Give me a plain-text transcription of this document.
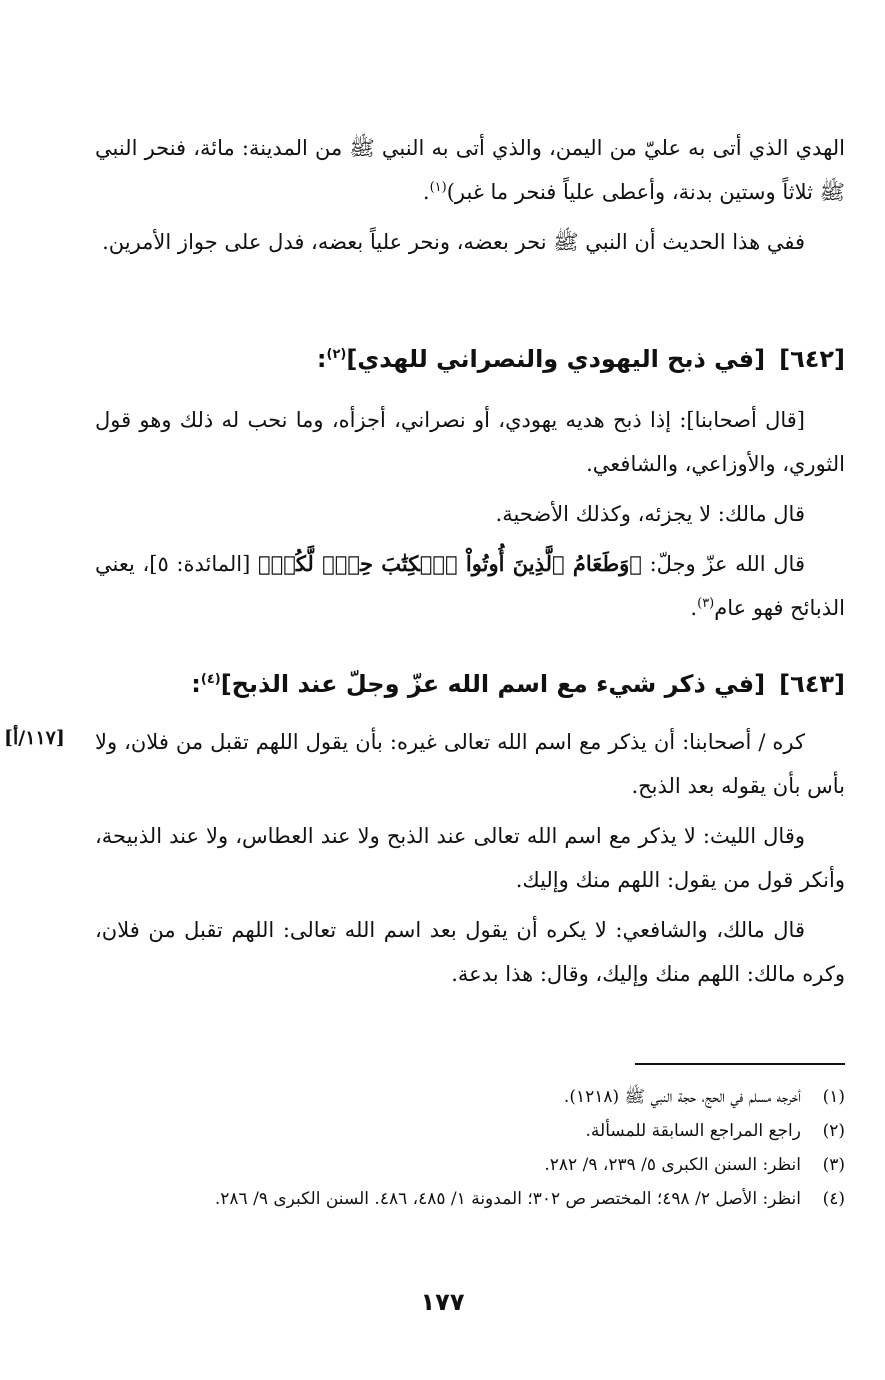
الهدي الذي أتى به عليّ من اليمن، والذي أتى به النبي ﷺ من المدينة: مائة، فنحر النبي ﷺ ثلاثاً وستين بدنة، وأعطى علياً فنحر ما غبر)$^{(١)}$.

ففي هذا الحديث أن النبي ﷺ نحر بعضه، ونحر علياً بعضه، فدل على جواز الأمرين.

[٦٤٢][في ذبح اليهودي والنصراني للهدي]$^{(٢)}$:

[قال أصحابنا]: إذا ذبح هديه يهودي، أو نصراني، أجزأه، وما نحب له ذلك وهو قول الثوري، والأوزاعي، والشافعي.

قال مالك: لا يجزئه، وكذلك الأضحية.

قال الله عزّ وجلّ: ﴿وَطَعَامُ ٱلَّذِينَ أُوتُواْ ٱلۡكِتَٰبَ حِلّٞ لَّكُمۡ﴾ [المائدة: ٥]، يعني الذبائح فهو عام$^{(٣)}$.

[٦٤٣][في ذكر شيء مع اسم الله عزّ وجلّ عند الذبح]$^{(٤)}$:
[١١٧/أ] كره / أصحابنا: أن يذكر مع اسم الله تعالى غيره: بأن يقول اللهم تقبل من فلان، ولا بأس بأن يقوله بعد الذبح.

وقال الليث: لا يذكر مع اسم الله تعالى عند الذبح ولا عند العطاس، ولا عند الذبيحة، وأنكر قول من يقول: اللهم منك وإليك.

قال مالك، والشافعي: لا يكره أن يقول بعد اسم الله تعالى: اللهم تقبل من فلان، وكره مالك: اللهم منك وإليك، وقال: هذا بدعة.

(١)
أخرجه مسلم في الحج، حجة النبي ﷺ (١٢١٨).
(٢)
راجع المراجع السابقة للمسألة.
(٣)
انظر: السنن الكبرى ٥/ ٢٣٩، ٩/ ٢٨٢.
(٤)
انظر: الأصل ٢/ ٤٩٨؛ المختصر ص ٣٠٢؛ المدونة ١/ ٤٨٥، ٤٨٦. السنن الكبرى ٩/ ٢٨٦.
١٧٧
